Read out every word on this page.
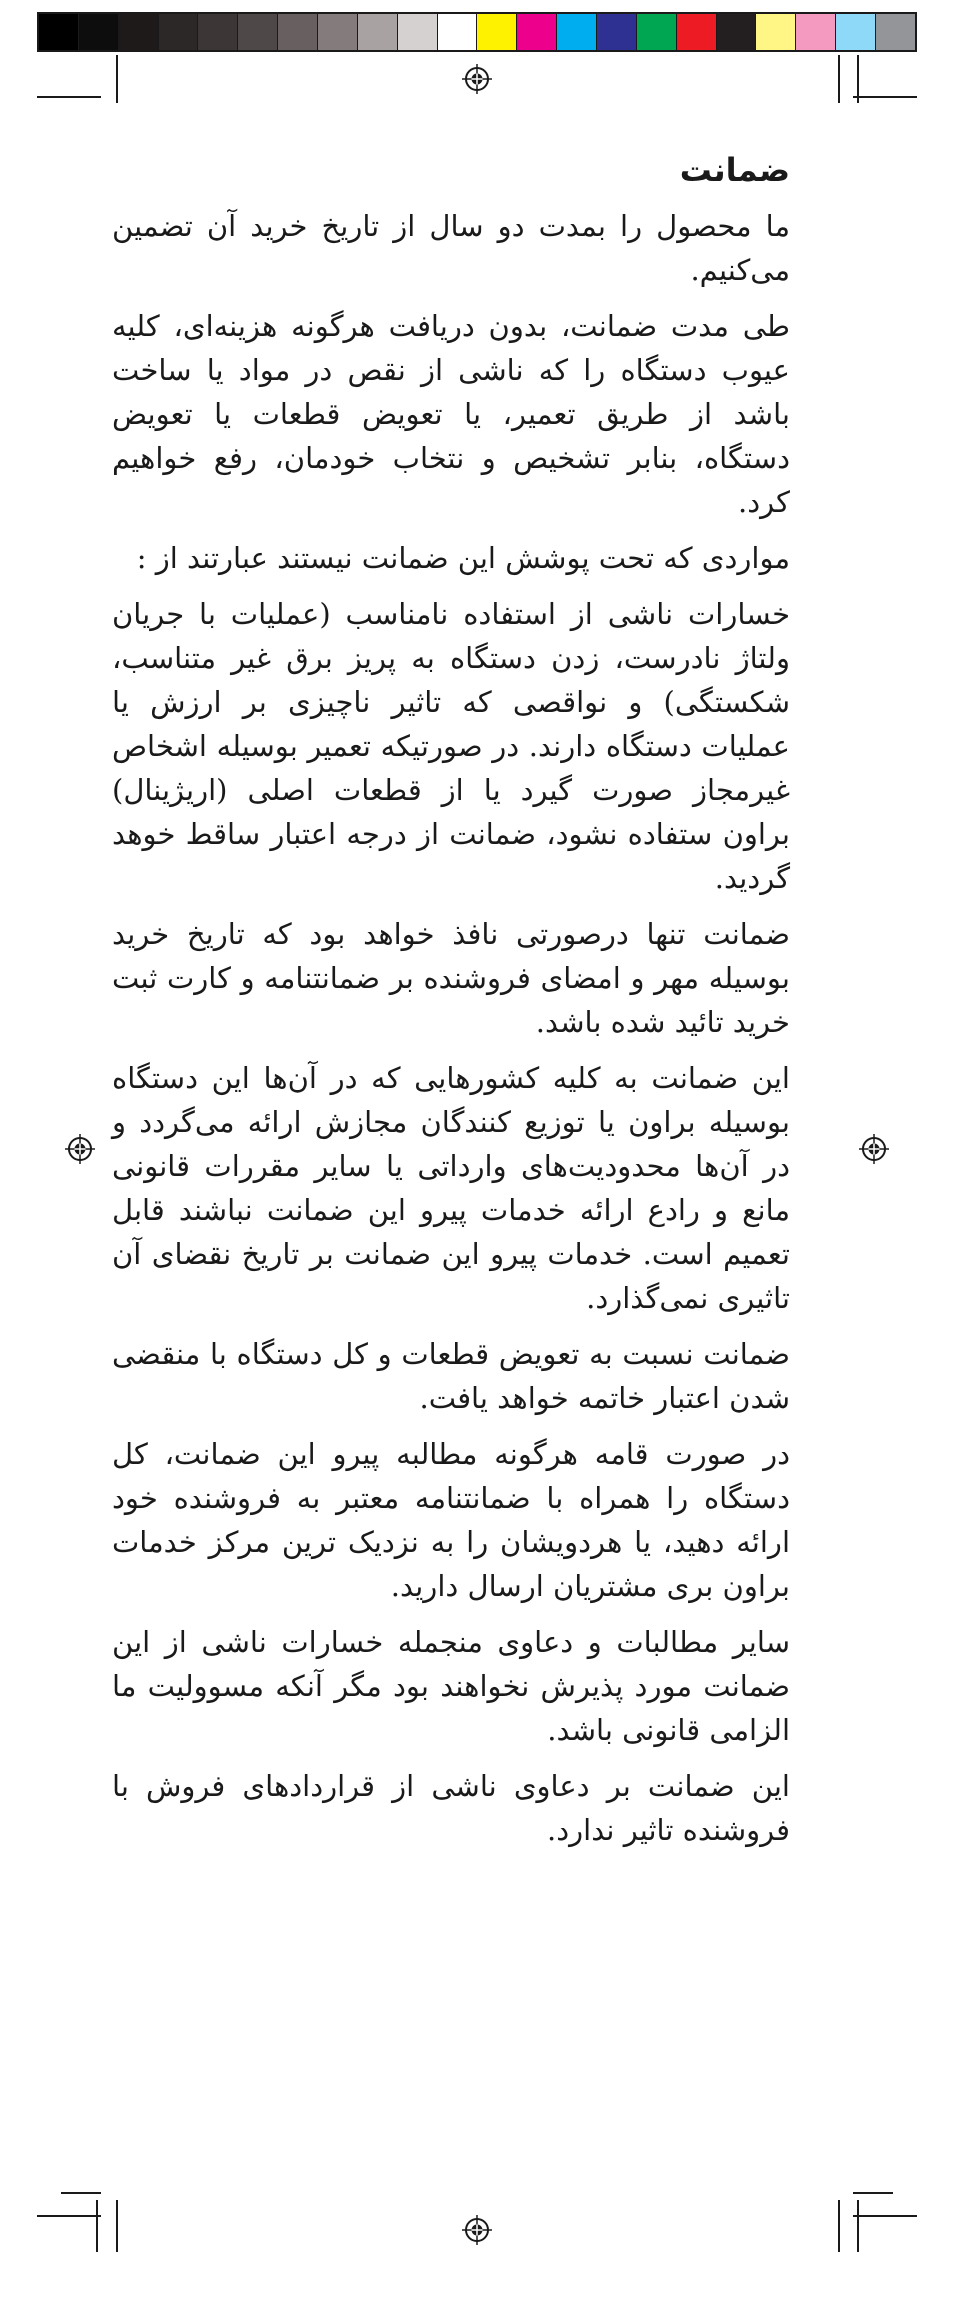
ضمانت

ما محصول را بمدت دو سال از تاریخ خرید آن تضمین می‌کنیم.

طی مدت ضمانت، بدون دریافت هرگونه هزینه‌ای، کلیه عیوب دستگاه را که ناشی از نقص در مواد یا ساخت باشد از طریق تعمیر، یا تعویض قطعات یا تعویض دستگاه، بنابر تشخیص و نتخاب خودمان، رفع خواهیم کرد.

مواردی که تحت پوشش این ضمانت نیستند عبارتند از :

خسارات ناشی از استفاده نامناسب (عملیات با جریان ولتاژ نادرست، زدن دستگاه به پریز برق غیر متناسب، شکستگی) و نواقصی که تاثیر ناچیزی بر ارزش یا عملیات دستگاه دارند. در صورتیکه تعمیر بوسیله اشخاص غیرمجاز صورت گیرد یا از قطعات اصلی (اریژینال) براون ستفاده نشود، ضمانت از درجه اعتبار ساقط خوهد گردید.

ضمانت تنها درصورتی نافذ خواهد بود که تاریخ خرید بوسیله مهر و امضای فروشنده بر ضمانتنامه و کارت ثبت خرید تائید شده باشد.

این ضمانت به کلیه کشورهایی که در آن‌ها این دستگاه بوسیله براون یا توزیع کنندگان مجازش ارائه می‌گردد و در آن‌ها محدودیت‌های وارداتی یا سایر مقررات قانونی مانع و رادع ارائه خدمات پیرو این ضمانت نباشند قابل تعمیم است. خدمات پیرو این ضمانت بر تاریخ نقضای آن تاثیری نمی‌گذارد.

ضمانت نسبت به تعویض قطعات و کل دستگاه با منقضی شدن اعتبار خاتمه خواهد یافت.

در صورت قامه هرگونه مطالبه پیرو این ضمانت، کل دستگاه را همراه با ضمانتنامه معتبر به فروشنده خود ارائه دهید، یا هردویشان را به نزدیک ترین مرکز خدمات براون بری مشتریان ارسال دارید.

سایر مطالبات و دعاوی منجمله خسارات ناشی از این ضمانت مورد پذیرش نخواهند بود مگر آنکه مسوولیت ما الزامی قانونی باشد.

این ضمانت بر دعاوی ناشی از قراردادهای فروش با فروشنده تاثیر ندارد.
